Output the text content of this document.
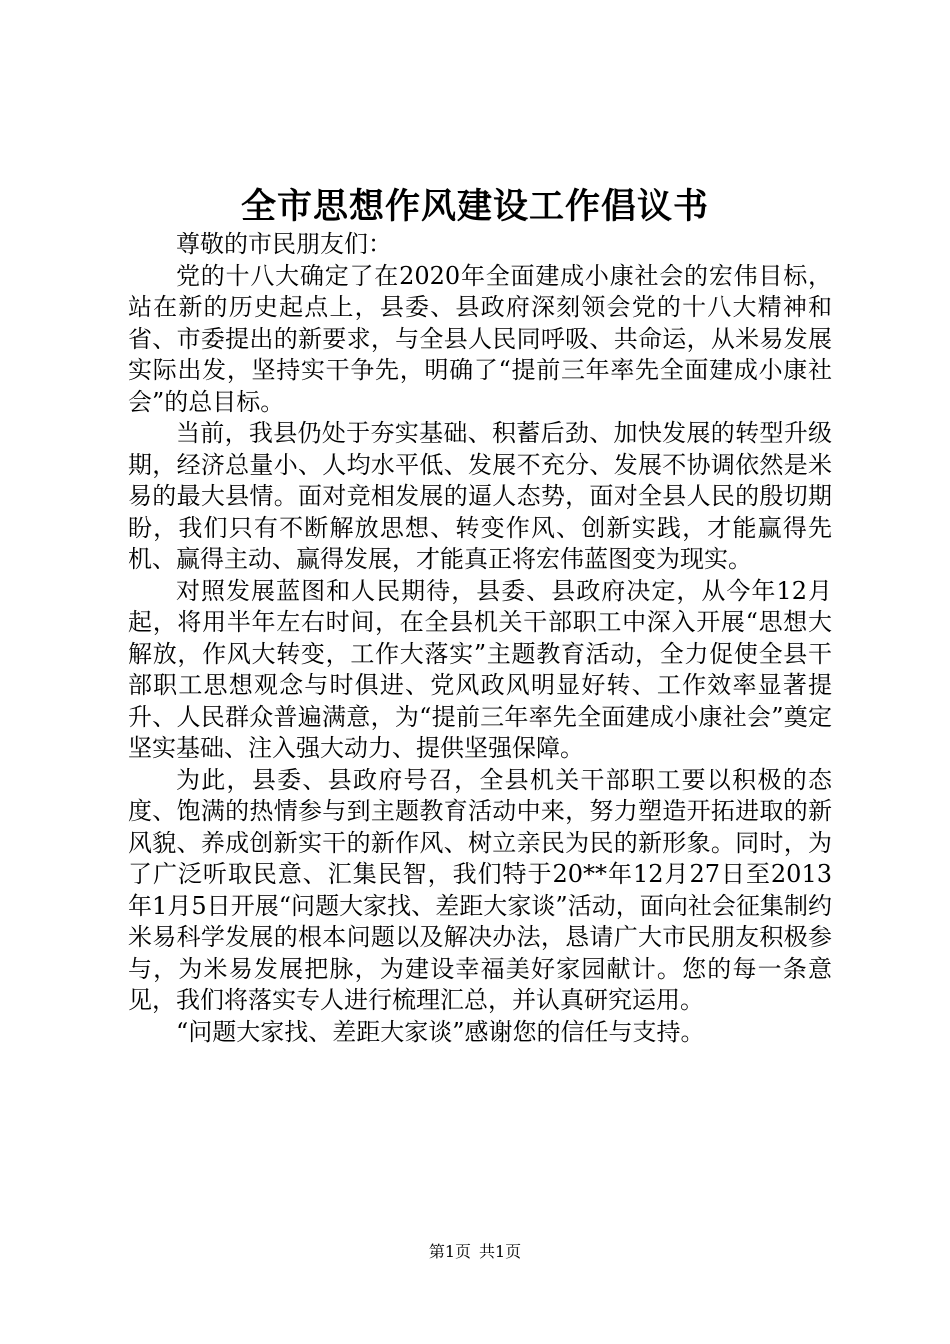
全市思想作风建设工作倡议书

尊敬的市民朋友们：

党的十八大确定了在2020年全面建成小康社会的宏伟目标，站在新的历史起点上，县委、县政府深刻领会党的十八大精神和省、市委提出的新要求，与全县人民同呼吸、共命运，从米易发展实际出发，坚持实干争先，明确了“提前三年率先全面建成小康社会”的总目标。

当前，我县仍处于夯实基础、积蓄后劲、加快发展的转型升级期，经济总量小、人均水平低、发展不充分、发展不协调依然是米易的最大县情。面对竞相发展的逼人态势，面对全县人民的殷切期盼，我们只有不断解放思想、转变作风、创新实践，才能赢得先机、赢得主动、赢得发展，才能真正将宏伟蓝图变为现实。

对照发展蓝图和人民期待，县委、县政府决定，从今年12月起，将用半年左右时间，在全县机关干部职工中深入开展“思想大解放，作风大转变，工作大落实”主题教育活动，全力促使全县干部职工思想观念与时俱进、党风政风明显好转、工作效率显著提升、人民群众普遍满意，为“提前三年率先全面建成小康社会”奠定坚实基础、注入强大动力、提供坚强保障。

为此，县委、县政府号召，全县机关干部职工要以积极的态度、饱满的热情参与到主题教育活动中来，努力塑造开拓进取的新风貌、养成创新实干的新作风、树立亲民为民的新形象。同时，为了广泛听取民意、汇集民智，我们特于20**年12月27日至2013年1月5日开展“问题大家找、差距大家谈”活动，面向社会征集制约米易科学发展的根本问题以及解决办法，恳请广大市民朋友积极参与，为米易发展把脉，为建设幸福美好家园献计。您的每一条意见，我们将落实专人进行梳理汇总，并认真研究运用。

“问题大家找、差距大家谈”感谢您的信任与支持。

第1页 共1页
